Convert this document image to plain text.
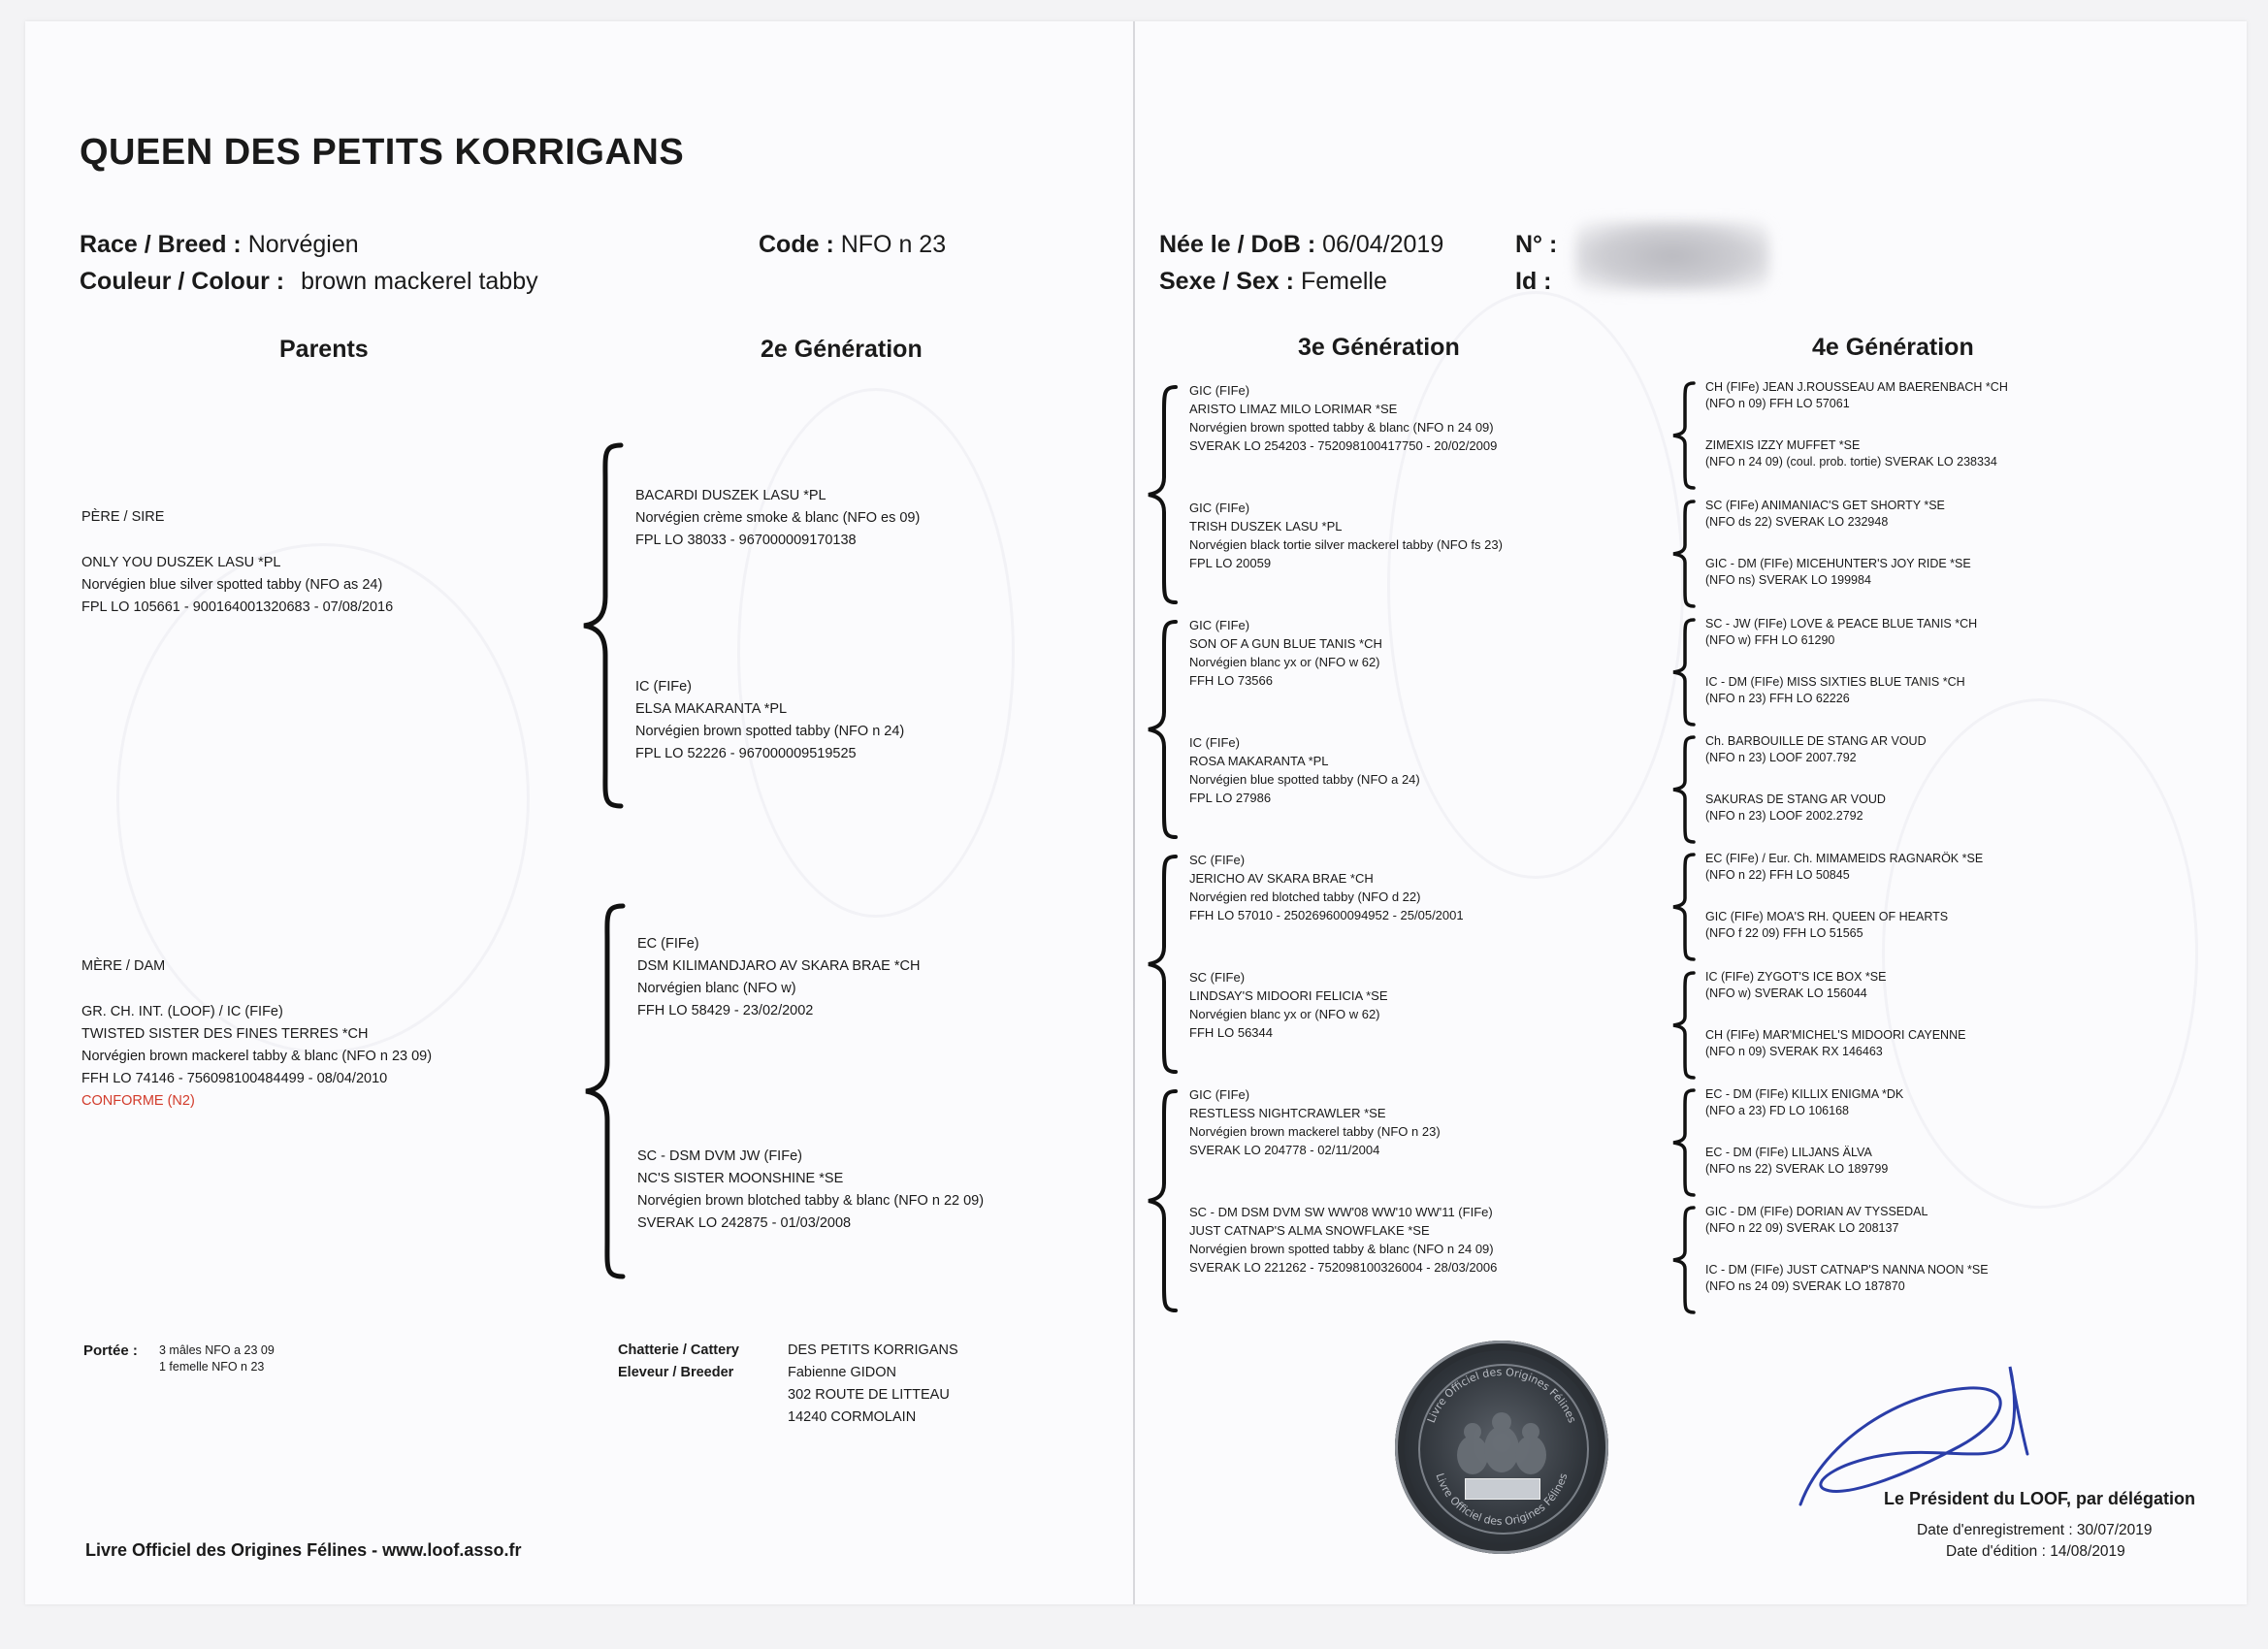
QUEEN DES PETITS KORRIGANS
Race / Breed : Norvégien
Couleur / Colour : brown mackerel tabby
Code : NFO n 23	Née le / DoB : 06/04/2019
Sexe / Sex : Femelle
N° :
Id :
Parents	2e Génération	3e Génération	4e Génération
PÈRE / SIRE
ONLY YOU DUSZEK LASU *PL
Norvégien blue silver spotted tabby (NFO as 24)
FPL LO 105661 - 900164001320683 - 07/08/2016
MÈRE / DAM
GR. CH. INT. (LOOF) / IC (FIFe)
TWISTED SISTER DES FINES TERRES *CH
Norvégien brown mackerel tabby & blanc (NFO n 23 09)
FFH LO 74146 - 756098100484499 - 08/04/2010
CONFORME (N2)
BACARDI DUSZEK LASU *PL
Norvégien crème smoke & blanc (NFO es 09)
FPL LO 38033 - 967000009170138
IC (FIFe)
ELSA MAKARANTA *PL
Norvégien brown spotted tabby (NFO n 24)
FPL LO 52226 - 967000009519525
EC (FIFe)
DSM KILIMANDJARO AV SKARA BRAE *CH
Norvégien blanc (NFO w)
FFH LO 58429 - 23/02/2002
SC - DSM DVM JW (FIFe)
NC'S SISTER MOONSHINE *SE
Norvégien brown blotched tabby & blanc (NFO n 22 09)
SVERAK LO 242875 - 01/03/2008
GIC (FIFe)
ARISTO LIMAZ MILO LORIMAR *SE
Norvégien brown spotted tabby & blanc (NFO n 24 09)
SVERAK LO 254203 - 752098100417750 - 20/02/2009
GIC (FIFe)
TRISH DUSZEK LASU *PL
Norvégien black tortie silver mackerel tabby (NFO fs 23)
FPL LO 20059
GIC (FIFe)
SON OF A GUN BLUE TANIS *CH
Norvégien blanc yx or (NFO w 62)
FFH LO 73566
IC (FIFe)
ROSA MAKARANTA *PL
Norvégien blue spotted tabby (NFO a 24)
FPL LO 27986
SC (FIFe)
JERICHO AV SKARA BRAE *CH
Norvégien red blotched tabby (NFO d 22)
FFH LO 57010 - 250269600094952 - 25/05/2001
SC (FIFe)
LINDSAY'S MIDOORI FELICIA *SE
Norvégien blanc yx or (NFO w 62)
FFH LO 56344
GIC (FIFe)
RESTLESS NIGHTCRAWLER *SE
Norvégien brown mackerel tabby (NFO n 23)
SVERAK LO 204778 - 02/11/2004
SC - DM DSM DVM SW WW'08 WW'10 WW'11 (FIFe)
JUST CATNAP'S ALMA SNOWFLAKE *SE
Norvégien brown spotted tabby & blanc (NFO n 24 09)
SVERAK LO 221262 - 752098100326004 - 28/03/2006
CH (FIFe) JEAN J.ROUSSEAU AM BAERENBACH *CH
(NFO n 09) FFH LO 57061
ZIMEXIS IZZY MUFFET *SE
(NFO n 24 09) (coul. prob. tortie) SVERAK LO 238334
SC (FIFe) ANIMANIAC'S GET SHORTY *SE
(NFO ds 22) SVERAK LO 232948
GIC - DM (FIFe) MICEHUNTER'S JOY RIDE *SE
(NFO ns) SVERAK LO 199984
SC - JW (FIFe) LOVE & PEACE BLUE TANIS *CH
(NFO w) FFH LO 61290
IC - DM (FIFe) MISS SIXTIES BLUE TANIS *CH
(NFO n 23) FFH LO 62226
Ch. BARBOUILLE DE STANG AR VOUD
(NFO n 23) LOOF 2007.792
SAKURAS DE STANG AR VOUD
(NFO n 23) LOOF 2002.2792
EC (FIFe) / Eur. Ch. MIMAMEIDS RAGNARÖK *SE
(NFO n 22) FFH LO 50845
GIC (FIFe) MOA'S RH. QUEEN OF HEARTS
(NFO f 22 09) FFH LO 51565
IC (FIFe) ZYGOT'S ICE BOX *SE
(NFO w) SVERAK LO 156044
CH (FIFe) MAR'MICHEL'S MIDOORI CAYENNE
(NFO n 09) SVERAK RX 146463
EC - DM (FIFe) KILLIX ENIGMA *DK
(NFO a 23) FD LO 106168
EC - DM (FIFe) LILJANS ÄLVA
(NFO ns 22) SVERAK LO 189799
GIC - DM (FIFe) DORIAN AV TYSSEDAL
(NFO n 22 09) SVERAK LO 208137
IC - DM (FIFe) JUST CATNAP'S NANNA NOON *SE
(NFO ns 24 09) SVERAK LO 187870
Portée : 3 mâles NFO a 23 09
1 femelle NFO n 23
Chatterie / Cattery
Eleveur / Breeder
DES PETITS KORRIGANS
Fabienne GIDON
302 ROUTE DE LITTEAU
14240 CORMOLAIN
Livre Officiel des Origines Félines - www.loof.asso.fr
Livre Officiel des Origines Félines
Livre Officiel des Origines Félines
Le Président du LOOF, par délégation
Date d'enregistrement : 30/07/2019
Date d'édition : 14/08/2019
